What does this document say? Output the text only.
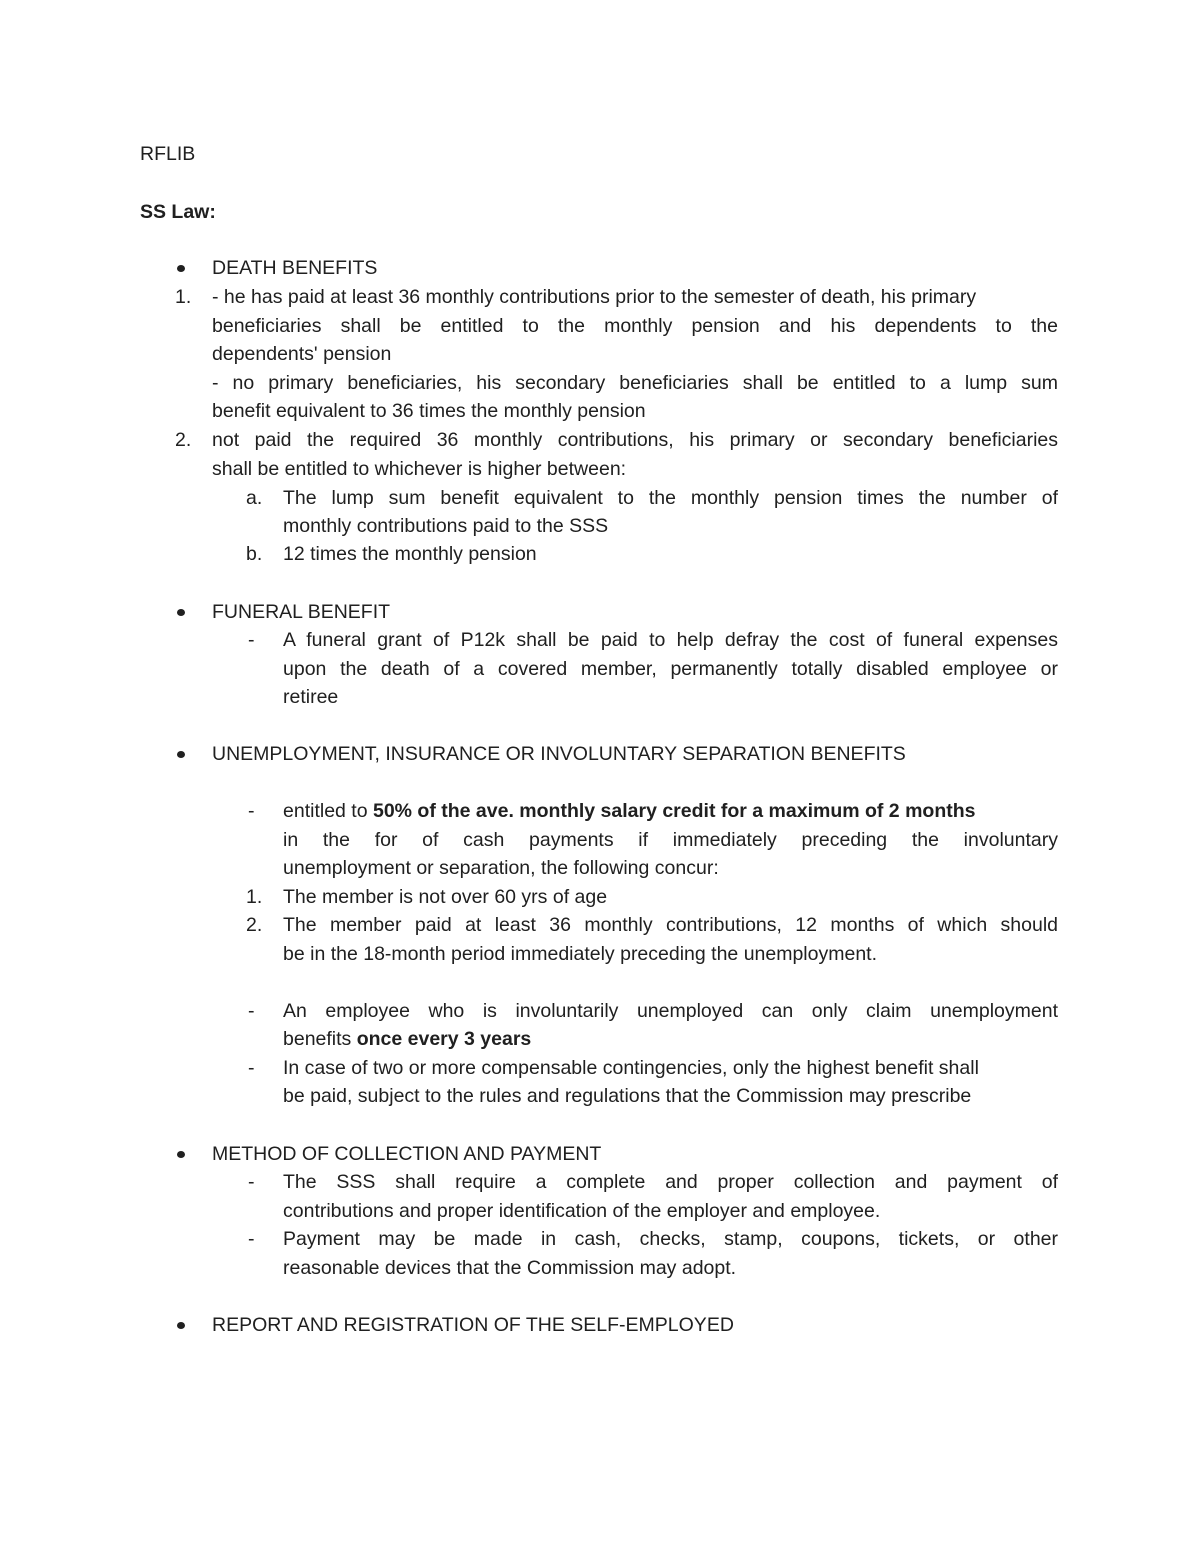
RFLIB
SS Law:
DEATH BENEFITS
1. - he has paid at least 36 monthly contributions prior to the semester of death, his primary
beneficiaries shall be entitled to the monthly pension and his dependents to the
dependents' pension
- no primary beneficiaries, his secondary beneficiaries shall be entitled to a lump sum
benefit equivalent to 36 times the monthly pension
2. not paid the required 36 monthly contributions, his primary or secondary beneficiaries
shall be entitled to whichever is higher between:
a. The lump sum benefit equivalent to the monthly pension times the number of
monthly contributions paid to the SSS
b. 12 times the monthly pension
FUNERAL BENEFIT
- A funeral grant of P12k shall be paid to help defray the cost of funeral expenses
upon the death of a covered member, permanently totally disabled employee or
retiree
UNEMPLOYMENT, INSURANCE OR INVOLUNTARY SEPARATION BENEFITS
- entitled to 50% of the ave. monthly salary credit for a maximum of 2 months
in the for of cash payments if immediately preceding the involuntary
unemployment or separation, the following concur:
1. The member is not over 60 yrs of age
2. The member paid at least 36 monthly contributions, 12 months of which should
be in the 18-month period immediately preceding the unemployment.
- An employee who is involuntarily unemployed can only claim unemployment
benefits once every 3 years
- In case of two or more compensable contingencies, only the highest benefit shall
be paid, subject to the rules and regulations that the Commission may prescribe
METHOD OF COLLECTION AND PAYMENT
- The SSS shall require a complete and proper collection and payment of
contributions and proper identification of the employer and employee.
- Payment may be made in cash, checks, stamp, coupons, tickets, or other
reasonable devices that the Commission may adopt.
REPORT AND REGISTRATION OF THE SELF-EMPLOYED
